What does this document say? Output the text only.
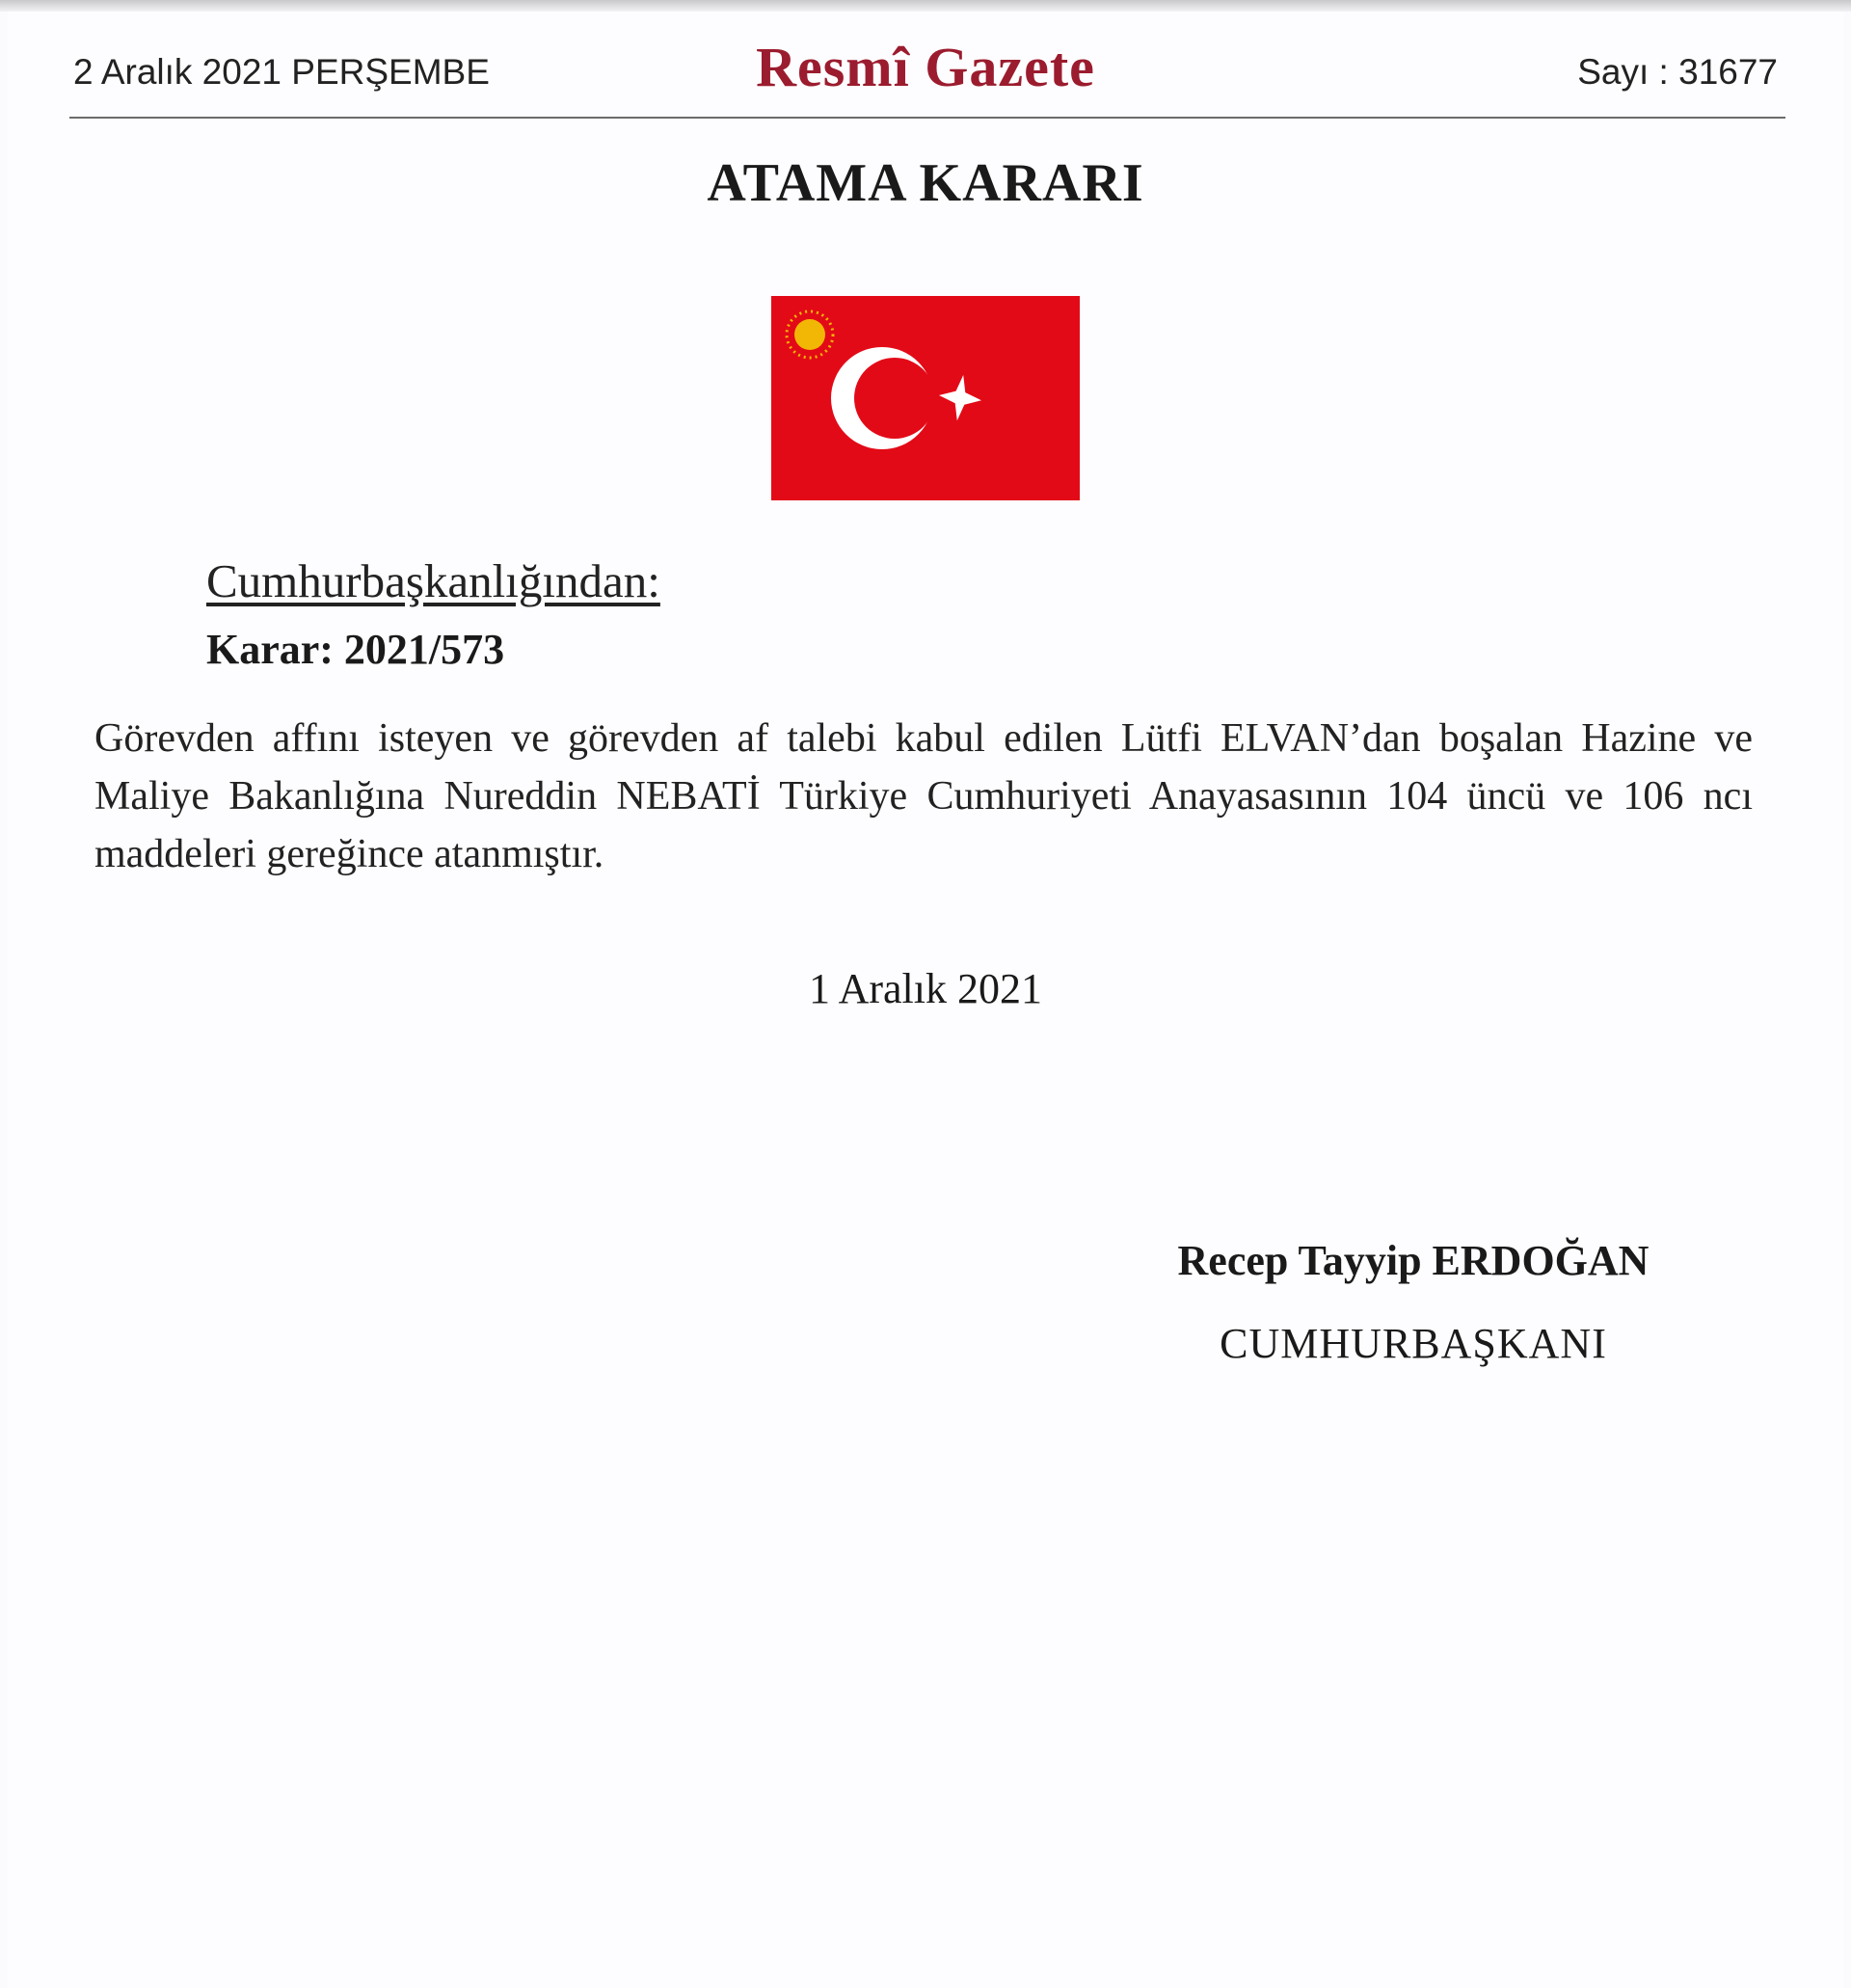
2 Aralık 2021 PERŞEMBE	Resmî Gazete	Sayı : 31677
ATAMA KARARI
Cumhurbaşkanlığından:
Karar: 2021/573
Görevden affını isteyen ve görevden af talebi kabul edilen Lütfi ELVAN’dan boşalan Hazine ve Maliye Bakanlığına Nureddin NEBATİ Türkiye Cumhuriyeti Anayasasının 104 üncü ve 106 ncı maddeleri gereğince atanmıştır.
1 Aralık 2021
Recep Tayyip ERDOĞAN
CUMHURBAŞKANI
